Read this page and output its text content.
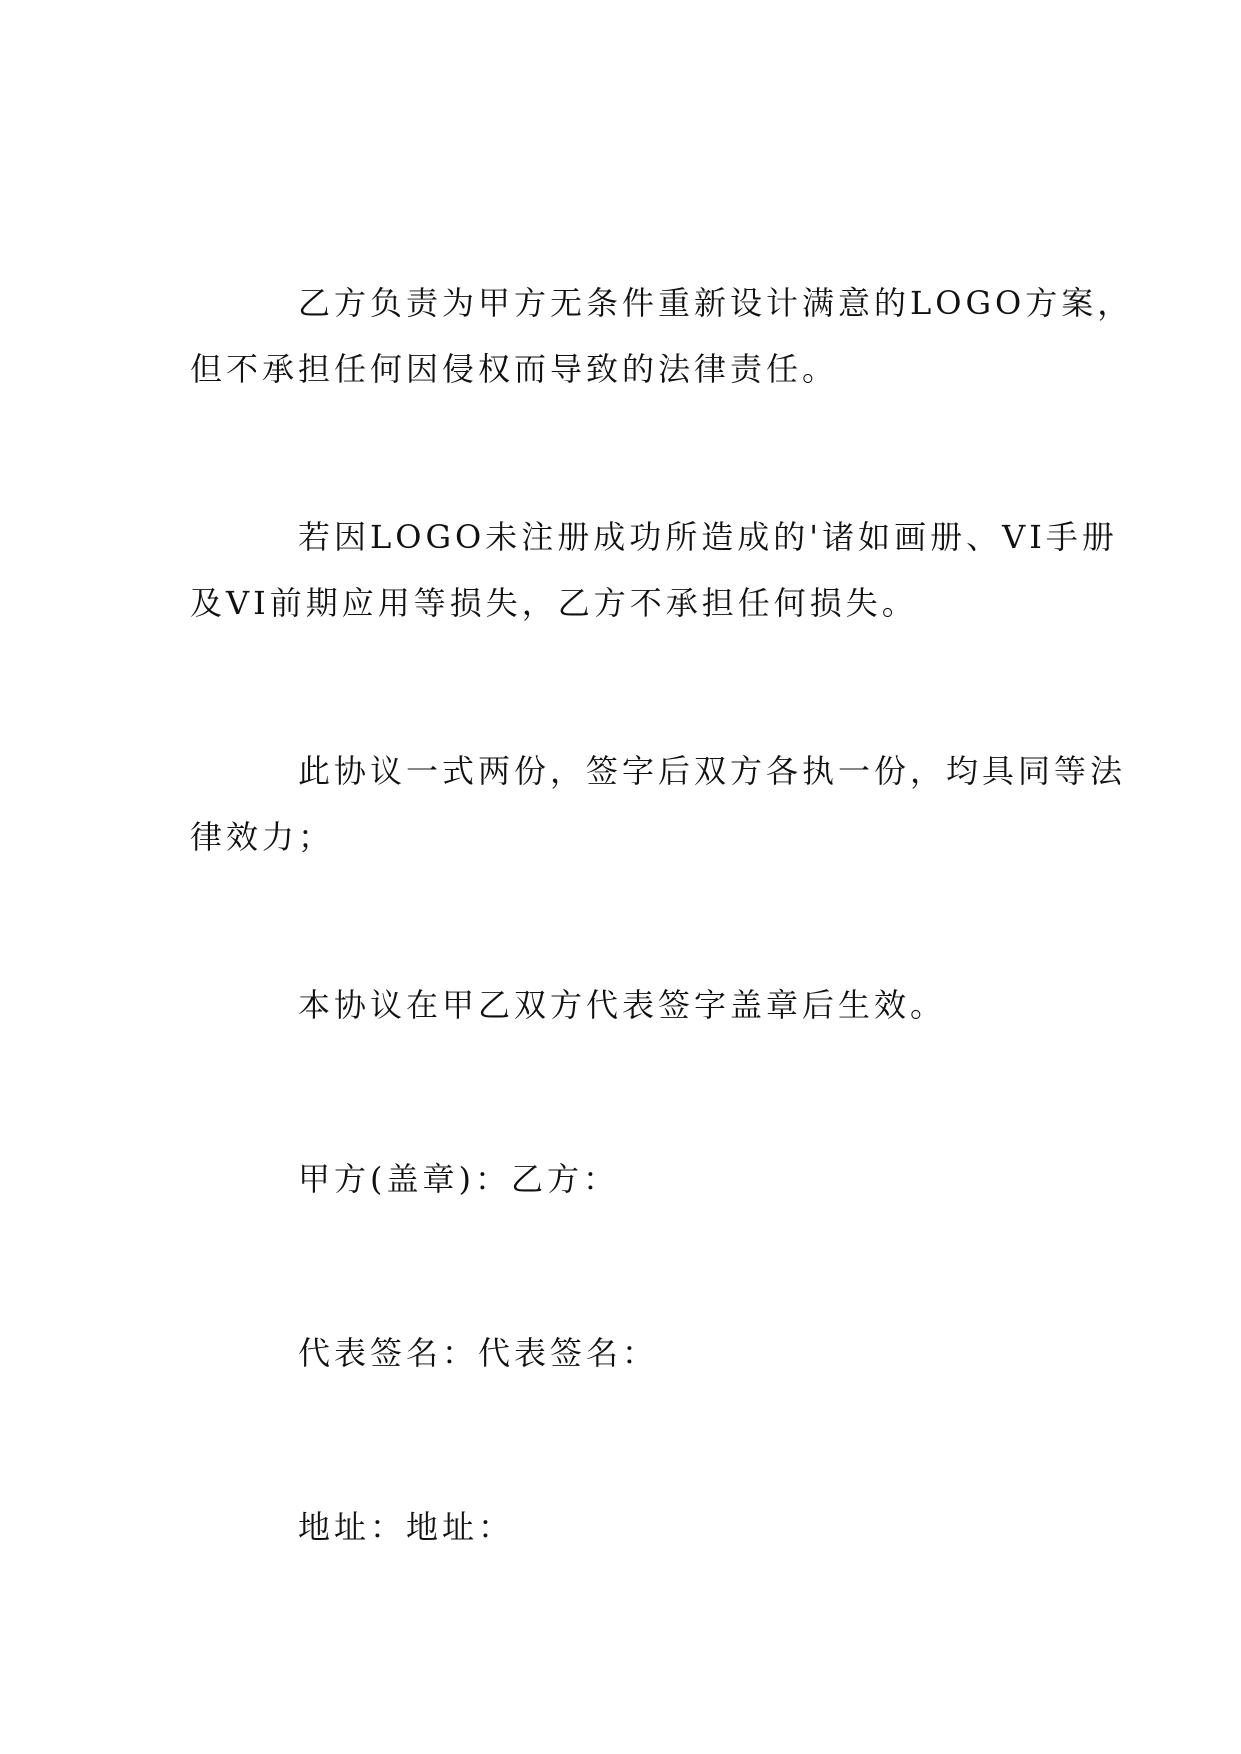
乙方负责为甲方无条件重新设计满意的LOGO方案，
但不承担任何因侵权而导致的法律责任。

若因LOGO未注册成功所造成的'诸如画册、VI手册
及VI前期应用等损失，乙方不承担任何损失。

此协议一式两份，签字后双方各执一份，均具同等法
律效力；

本协议在甲乙双方代表签字盖章后生效。

甲方(盖章)：乙方：

代表签名：代表签名：

地址：地址：
